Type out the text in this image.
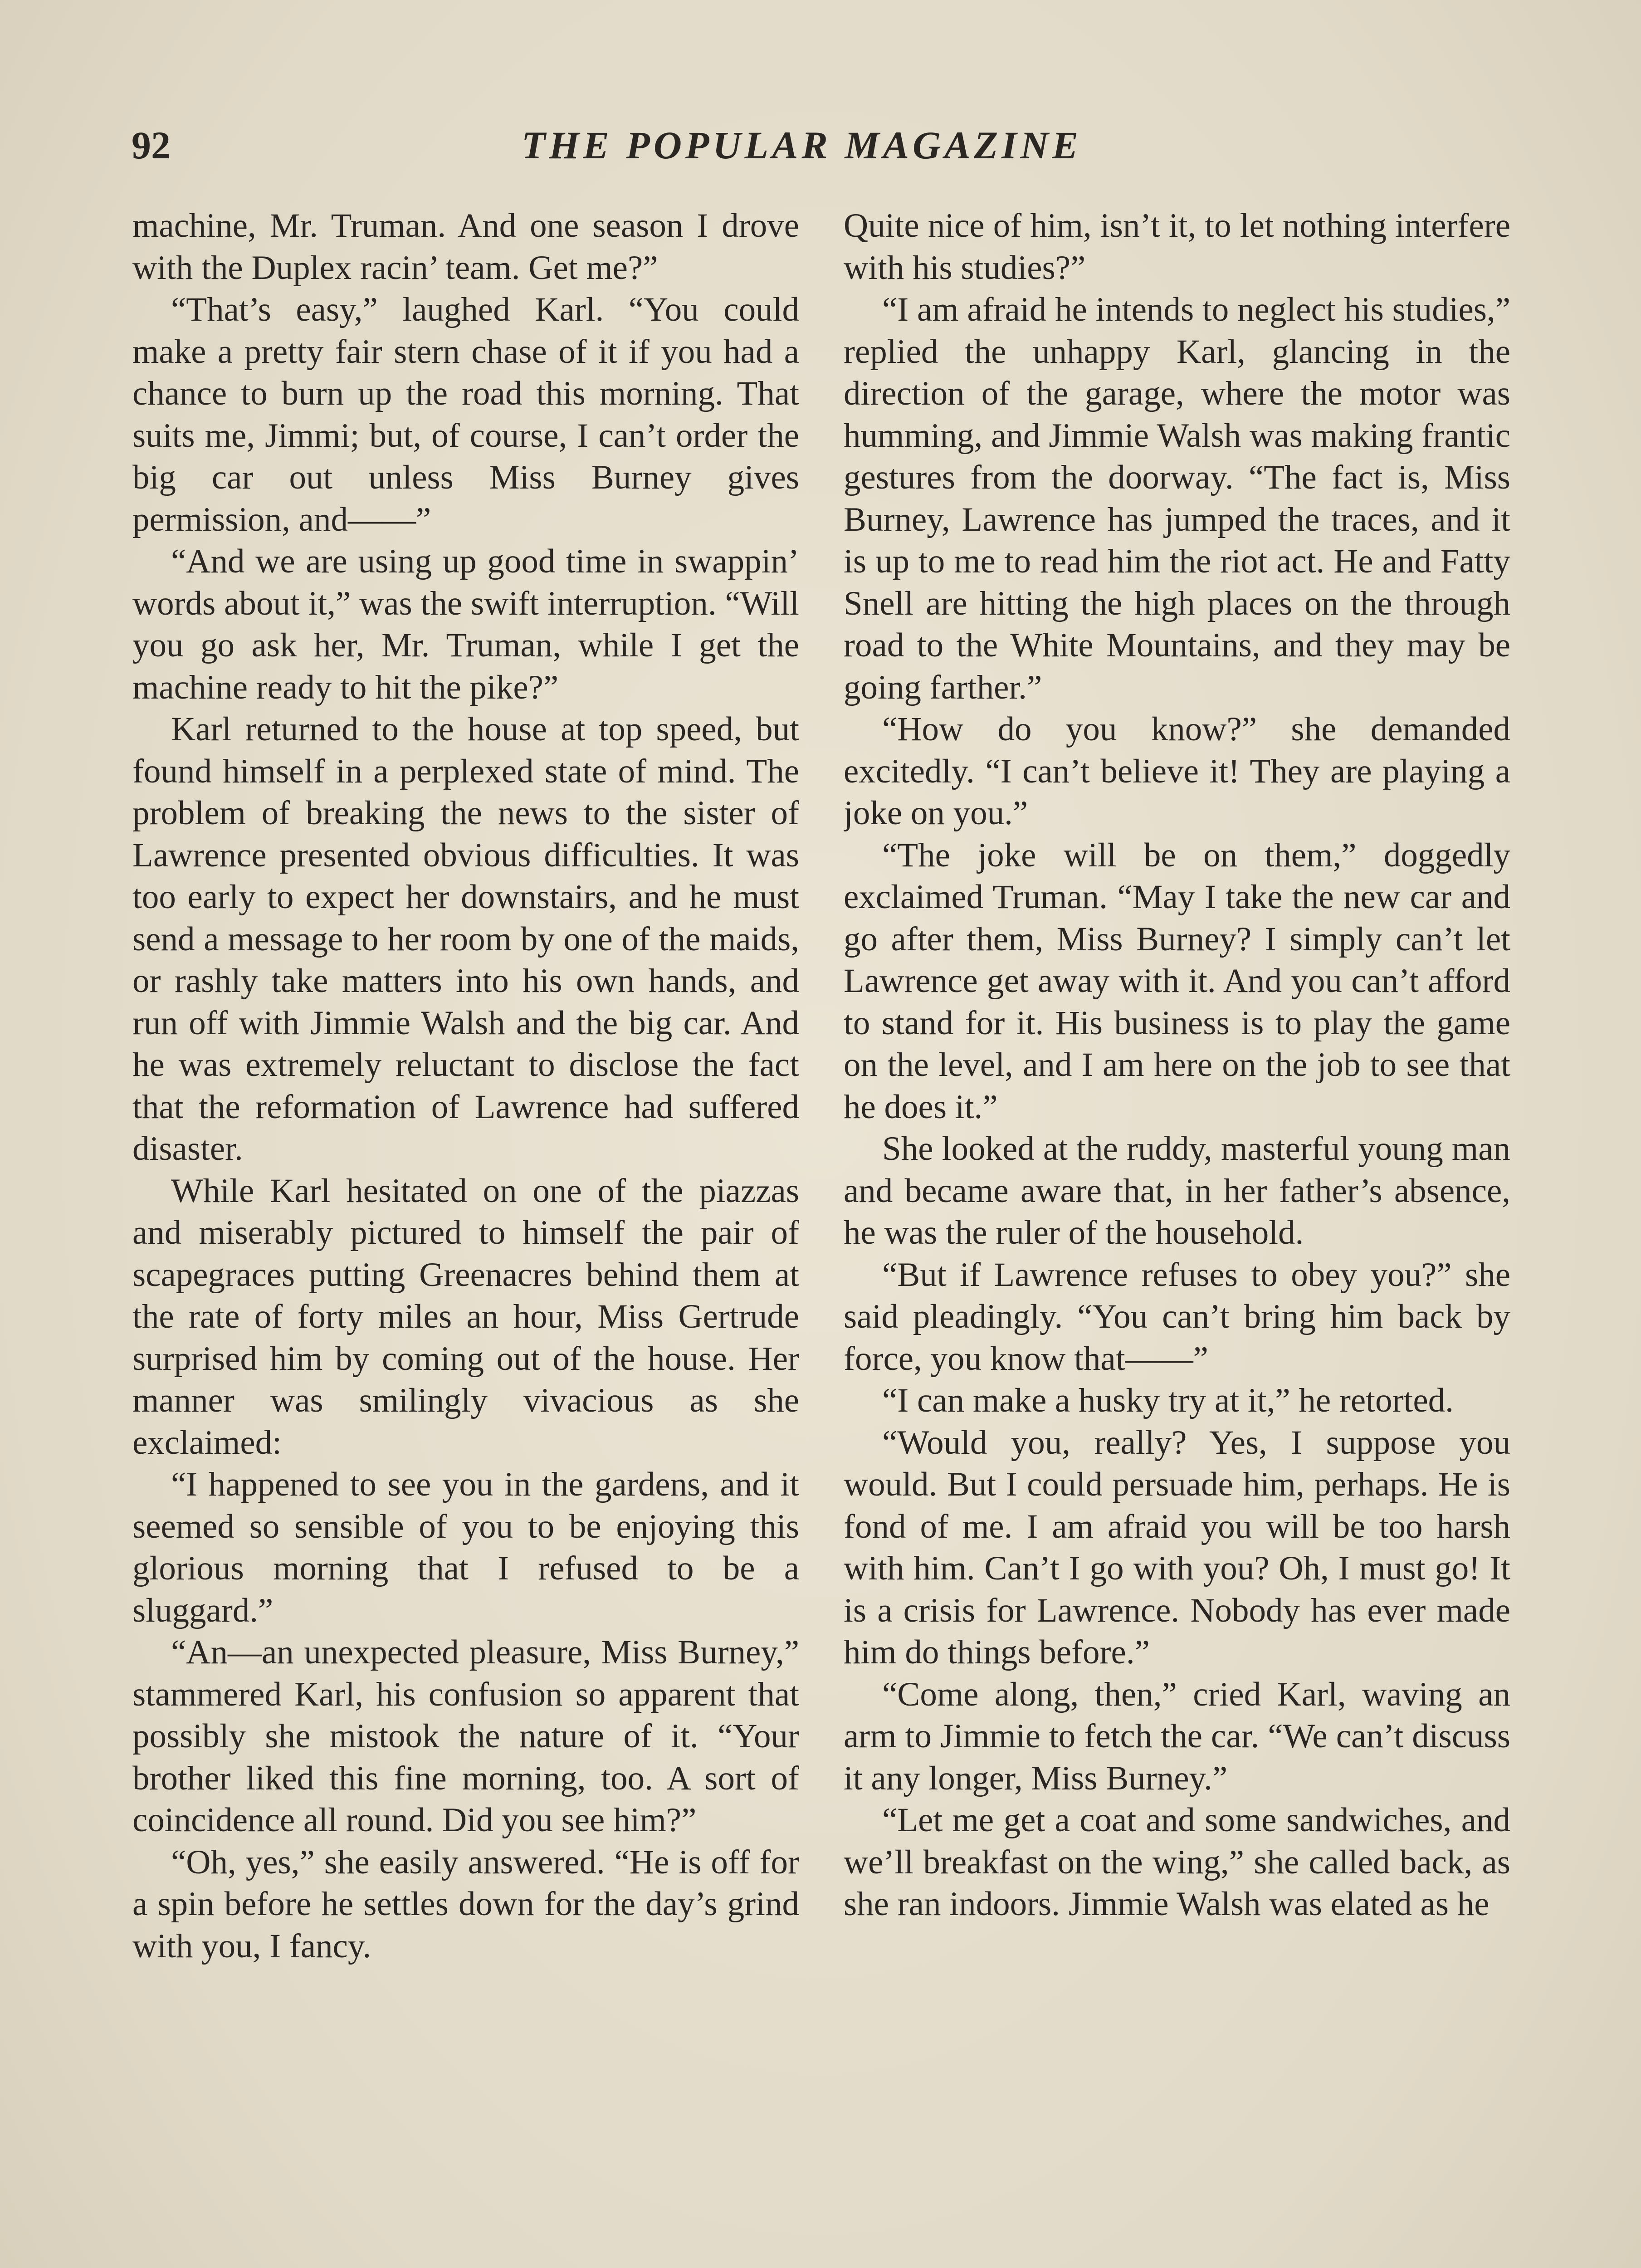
92	THE POPULAR MAGAZINE

machine, Mr. Truman. And one season I drove with the Duplex racin’ team. Get me?”

“That’s easy,” laughed Karl. “You could make a pretty fair stern chase of it if you had a chance to burn up the road this morning. That suits me, Jimmi; but, of course, I can’t order the big car out unless Miss Burney gives permission, and——”

“And we are using up good time in swappin’ words about it,” was the swift interruption. “Will you go ask her, Mr. Truman, while I get the machine ready to hit the pike?”

Karl returned to the house at top speed, but found himself in a perplexed state of mind. The problem of breaking the news to the sister of Lawrence presented obvious difficulties. It was too early to expect her downstairs, and he must send a message to her room by one of the maids, or rashly take matters into his own hands, and run off with Jimmie Walsh and the big car. And he was extremely reluctant to disclose the fact that the reformation of Lawrence had suffered disaster.

While Karl hesitated on one of the piazzas and miserably pictured to himself the pair of scapegraces putting Greenacres behind them at the rate of forty miles an hour, Miss Gertrude surprised him by coming out of the house. Her manner was smilingly vivacious as she exclaimed:

“I happened to see you in the gardens, and it seemed so sensible of you to be enjoying this glorious morning that I refused to be a sluggard.”

“An—an unexpected pleasure, Miss Burney,” stammered Karl, his confusion so apparent that possibly she mistook the nature of it. “Your brother liked this fine morning, too. A sort of coincidence all round. Did you see him?”

“Oh, yes,” she easily answered. “He is off for a spin before he settles down for the day’s grind with you, I fancy.

Quite nice of him, isn’t it, to let nothing interfere with his studies?”

“I am afraid he intends to neglect his studies,” replied the unhappy Karl, glancing in the direction of the garage, where the motor was humming, and Jimmie Walsh was making frantic gestures from the doorway. “The fact is, Miss Burney, Lawrence has jumped the traces, and it is up to me to read him the riot act. He and Fatty Snell are hitting the high places on the through road to the White Mountains, and they may be going farther.”

“How do you know?” she demanded excitedly. “I can’t believe it! They are playing a joke on you.”

“The joke will be on them,” doggedly exclaimed Truman. “May I take the new car and go after them, Miss Burney? I simply can’t let Lawrence get away with it. And you can’t afford to stand for it. His business is to play the game on the level, and I am here on the job to see that he does it.”

She looked at the ruddy, masterful young man and became aware that, in her father’s absence, he was the ruler of the household.

“But if Lawrence refuses to obey you?” she said pleadingly. “You can’t bring him back by force, you know that——”

“I can make a husky try at it,” he retorted.

“Would you, really? Yes, I suppose you would. But I could persuade him, perhaps. He is fond of me. I am afraid you will be too harsh with him. Can’t I go with you? Oh, I must go! It is a crisis for Lawrence. Nobody has ever made him do things before.”

“Come along, then,” cried Karl, waving an arm to Jimmie to fetch the car. “We can’t discuss it any longer, Miss Burney.”

“Let me get a coat and some sandwiches, and we’ll breakfast on the wing,” she called back, as she ran indoors. Jimmie Walsh was elated as he
